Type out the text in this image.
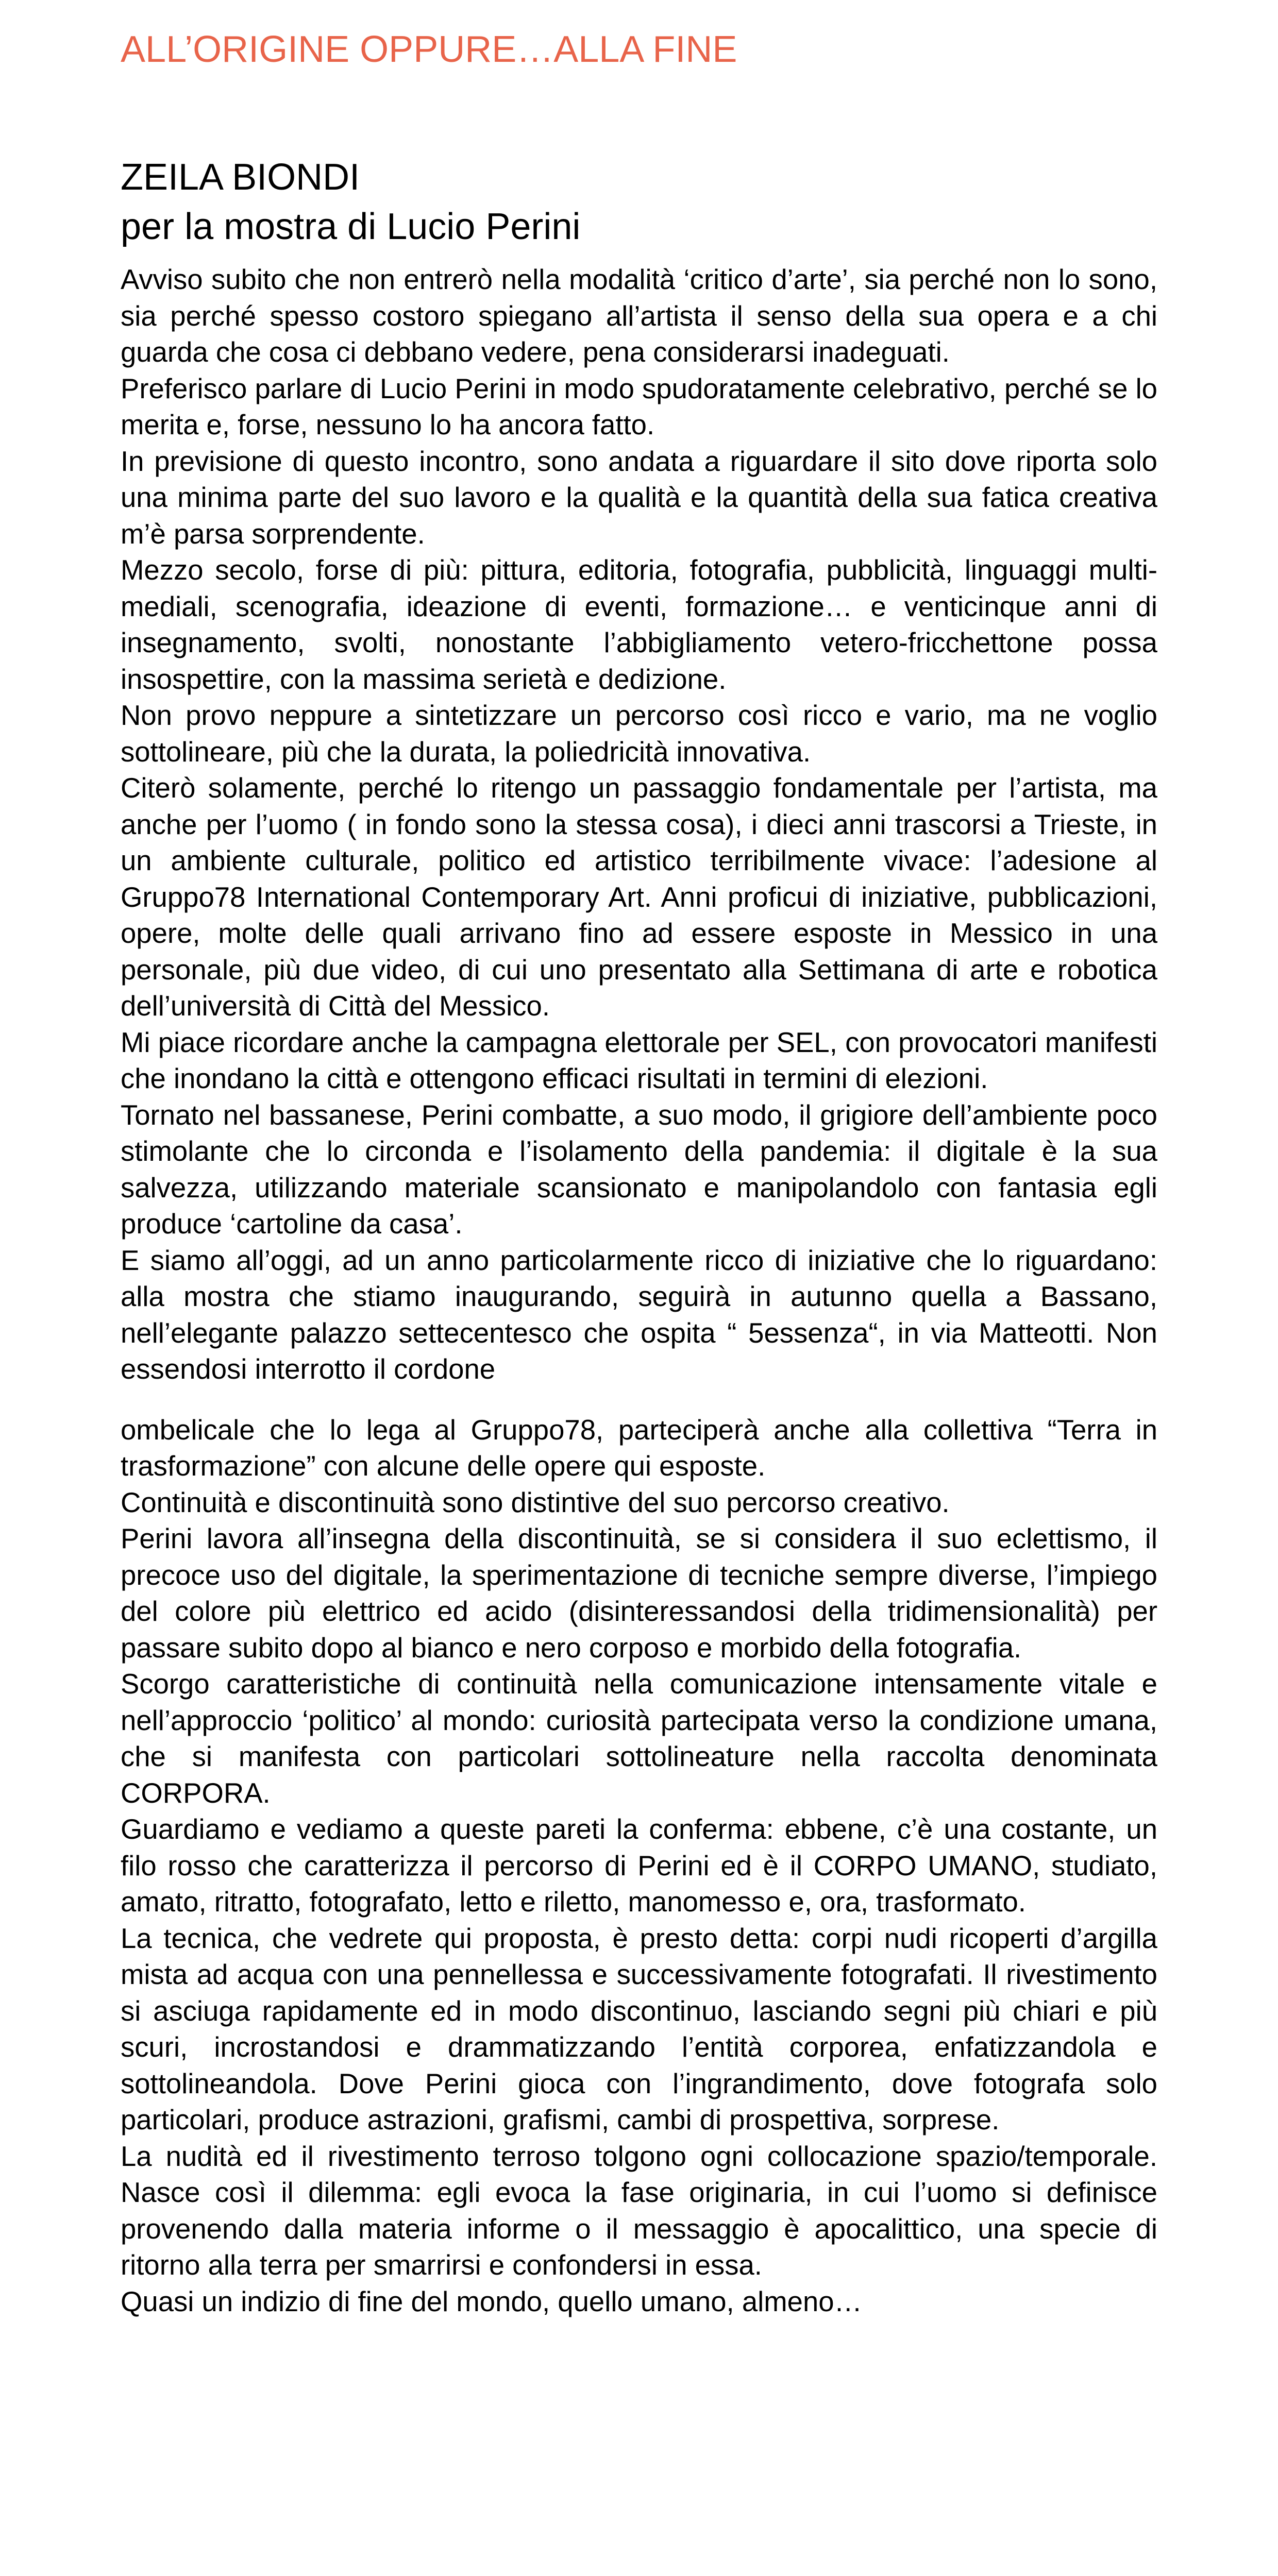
ALL’ORIGINE OPPURE…ALLA FINE
ZEILA BIONDI
per la mostra di Lucio Perini

Avviso subito che non entrerò nella modalità ‘critico d’arte’, sia perché non lo sono, sia perché spesso costoro spiegano all’artista il senso della sua opera e a chi guarda che cosa ci debbano vedere, pena considerarsi inadeguati.

Preferisco parlare di Lucio Perini in modo spudoratamente celebrativo, perché se lo merita e, forse, nessuno lo ha ancora fatto.

In previsione di questo incontro, sono andata a riguardare il sito dove riporta solo una minima parte del suo lavoro e la qualità e la quantità della sua fatica creativa m’è parsa sorprendente.

Mezzo secolo, forse di più: pittura, editoria, fotografia, pubblicità, linguaggi multi-mediali, scenografia, ideazione di eventi, formazione… e venticinque anni di insegnamento, svolti, nonostante l’abbigliamento vetero-fricchettone possa insospettire, con la massima serietà e dedizione.

Non provo neppure a sintetizzare un percorso così ricco e vario, ma ne voglio sottolineare, più che la durata, la poliedricità innovativa.

Citerò solamente, perché lo ritengo un passaggio fondamentale per l’artista, ma anche per l’uomo ( in fondo sono la stessa cosa), i dieci anni trascorsi a Trieste, in un ambiente culturale, politico ed artistico terribilmente vivace: l’adesione al Gruppo78 International Contemporary Art. Anni proficui di iniziative, pubblicazioni, opere, molte delle quali arrivano fino ad essere esposte in Messico in una personale, più due video, di cui uno presentato alla Settimana di arte e robotica dell’università di Città del Messico.

Mi piace ricordare anche la campagna elettorale per SEL, con provocatori manifesti che inondano la città e ottengono efficaci risultati in termini di elezioni.

Tornato nel bassanese, Perini combatte, a suo modo, il grigiore dell’ambiente poco stimolante che lo circonda e l’isolamento della pandemia: il digitale è la sua salvezza, utilizzando materiale scansionato e manipolandolo con fantasia egli produce ‘cartoline da casa’.

E siamo all’oggi, ad un anno particolarmente ricco di iniziative che lo riguardano: alla mostra che stiamo inaugurando, seguirà in autunno quella a Bassano, nell’elegante palazzo settecentesco che ospita “ 5essenza“, in via Matteotti. Non essendosi interrotto il cordone

ombelicale che lo lega al Gruppo78, parteciperà anche alla collettiva “Terra in trasformazione” con alcune delle opere qui esposte.

Continuità e discontinuità sono distintive del suo percorso creativo.

Perini lavora all’insegna della discontinuità, se si considera il suo eclettismo, il precoce uso del digitale, la sperimentazione di tecniche sempre diverse, l’impiego del colore più elettrico ed acido (disinteressandosi della tridimensionalità) per passare subito dopo al bianco e nero corposo e morbido della fotografia.

Scorgo caratteristiche di continuità nella comunicazione intensamente vitale e nell’approccio ‘politico’ al mondo: curiosità partecipata verso la condizione umana, che si manifesta con particolari sottolineature nella raccolta denominata CORPORA.

Guardiamo e vediamo a queste pareti la conferma: ebbene, c’è una costante, un filo rosso che caratterizza il percorso di Perini ed è il CORPO UMANO, studiato, amato, ritratto, fotografato, letto e riletto, manomesso e, ora, trasformato.

La tecnica, che vedrete qui proposta, è presto detta: corpi nudi ricoperti d’argilla mista ad acqua con una pennellessa e successivamente fotografati. Il rivestimento si asciuga rapidamente ed in modo discontinuo, lasciando segni più chiari e più scuri, incrostandosi e drammatizzando l’entità corporea, enfatizzandola e sottolineandola. Dove Perini gioca con l’ingrandimento, dove fotografa solo particolari, produce astrazioni, grafismi, cambi di prospettiva, sorprese.

La nudità ed il rivestimento terroso tolgono ogni collocazione spazio/temporale. Nasce così il dilemma: egli evoca la fase originaria, in cui l’uomo si definisce provenendo dalla materia informe o il messaggio è apocalittico, una specie di ritorno alla terra per smarrirsi e confondersi in essa.

Quasi un indizio di fine del mondo, quello umano, almeno…
